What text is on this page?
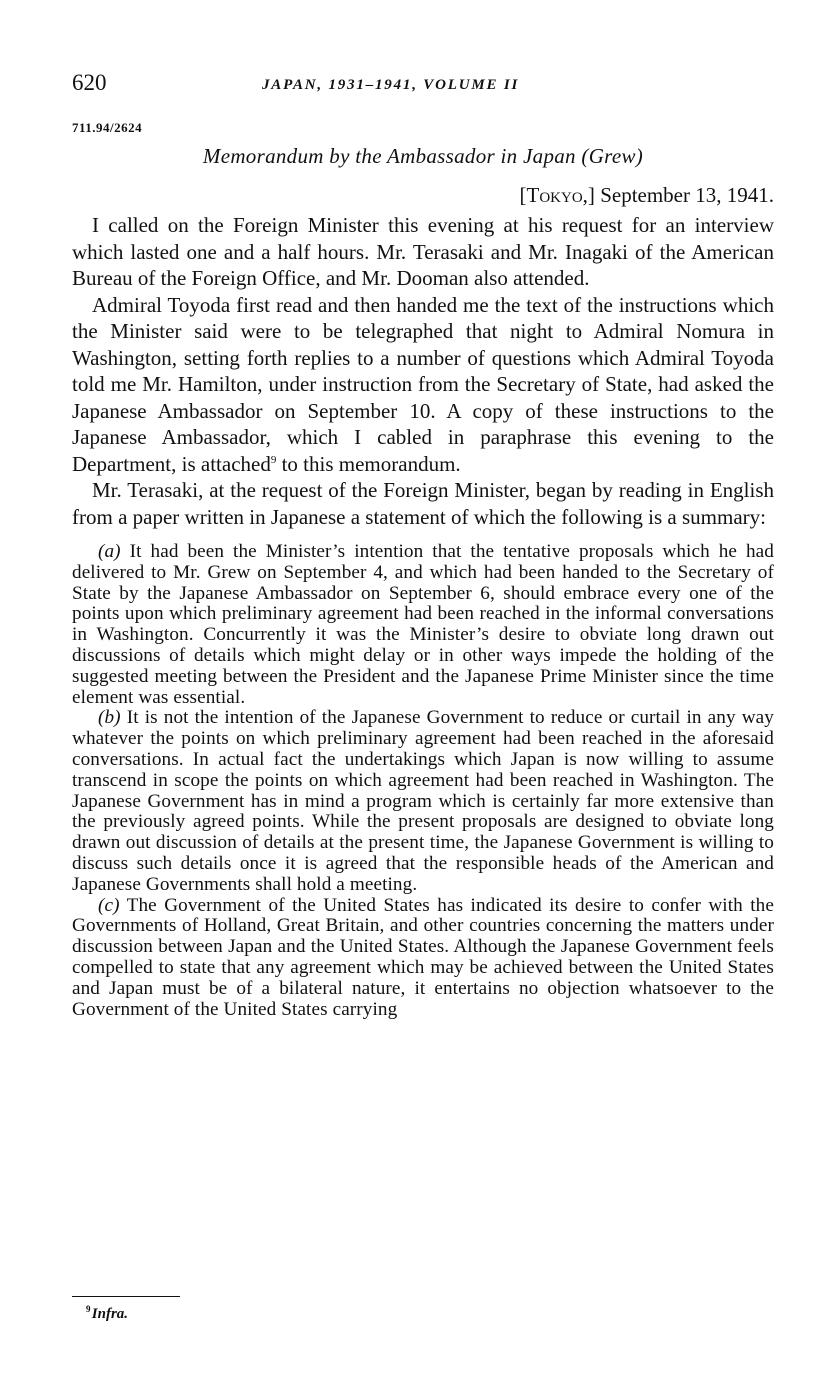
620	JAPAN, 1931–1941, VOLUME II
711.94/2624
Memorandum by the Ambassador in Japan (Grew)
[Tokyo,] September 13, 1941.

I called on the Foreign Minister this evening at his request for an interview which lasted one and a half hours. Mr. Terasaki and Mr. Inagaki of the American Bureau of the Foreign Office, and Mr. Dooman also attended.

Admiral Toyoda first read and then handed me the text of the instructions which the Minister said were to be telegraphed that night to Admiral Nomura in Washington, setting forth replies to a number of questions which Admiral Toyoda told me Mr. Hamilton, under instruction from the Secretary of State, had asked the Japanese Ambassador on September 10. A copy of these instructions to the Japanese Ambassador, which I cabled in paraphrase this evening to the Department, is attached$^9$ to this memorandum.

Mr. Terasaki, at the request of the Foreign Minister, began by reading in English from a paper written in Japanese a statement of which the following is a summary:

(a) It had been the Minister’s intention that the tentative proposals which he had delivered to Mr. Grew on September 4, and which had been handed to the Secretary of State by the Japanese Ambassador on September 6, should embrace every one of the points upon which preliminary agreement had been reached in the informal conversations in Washington. Concurrently it was the Minister’s desire to obviate long drawn out discussions of details which might delay or in other ways impede the holding of the suggested meeting between the President and the Japanese Prime Minister since the time element was essential.

(b) It is not the intention of the Japanese Government to reduce or curtail in any way whatever the points on which preliminary agreement had been reached in the aforesaid conversations. In actual fact the undertakings which Japan is now willing to assume transcend in scope the points on which agreement had been reached in Washington. The Japanese Government has in mind a program which is certainly far more extensive than the previously agreed points. While the present proposals are designed to obviate long drawn out discussion of details at the present time, the Japanese Government is willing to discuss such details once it is agreed that the responsible heads of the American and Japanese Governments shall hold a meeting.

(c) The Government of the United States has indicated its desire to confer with the Governments of Holland, Great Britain, and other countries concerning the matters under discussion between Japan and the United States. Although the Japanese Government feels compelled to state that any agreement which may be achieved between the United States and Japan must be of a bilateral nature, it entertains no objection whatsoever to the Government of the United States carrying

$^9$ Infra.
